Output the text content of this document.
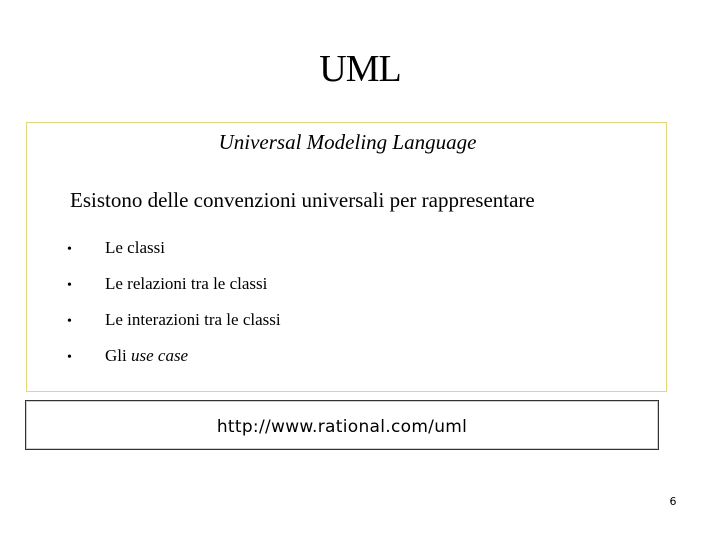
UML
Universal Modeling Language
Esistono delle convenzioni universali per rappresentare
• Le classi
• Le relazioni tra le classi
• Le interazioni tra le classi
• Gli use case
http://www.rational.com/uml
6
